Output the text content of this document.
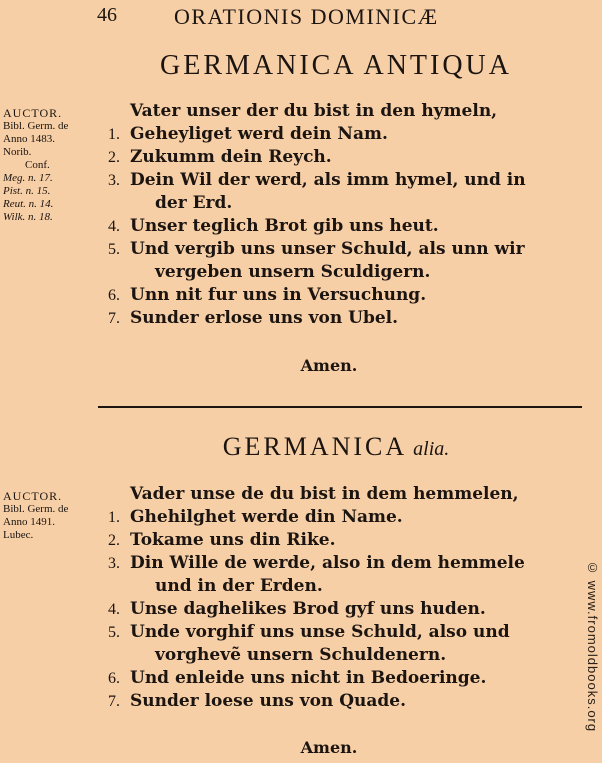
46	ORATIONIS DOMINICÆ
GERMANICA ANTIQUA
AUCTOR.
Bibl. Germ. de
Anno 1483.
Norib.
Conf.
Meg. n. 17.
Pist. n. 15.
Reut. n. 14.
Wilk. n. 18.
Vater unser der du bist in den hymeln,
1. Geheyliget werd dein Nam.
2. Zukumm dein Reych.
3. Dein Wil der werd, als imm hymel, und in
der Erd.
4. Unser teglich Brot gib uns heut.
5. Und vergib uns unser Schuld, als unn wir
vergeben unsern Sculdigern.
6. Unn nit fur uns in Versuchung.
7. Sunder erlose uns von Ubel.
Amen.
GERMANICA alia.
AUCTOR.
Bibl. Germ. de
Anno 1491.
Lubec.
Vader unse de du bist in dem hemmelen,
1. Ghehilghet werde din Name.
2. Tokame uns din Rike.
3. Din Wille de werde, also in dem hemmele
und in der Erden.
4. Unse daghelikes Brod gyf uns huden.
5. Unde vorghif uns unse Schuld, also und
vorghevẽ unsern Schuldenern.
6. Und enleide uns nicht in Bedoeringe.
7. Sunder loese uns von Quade.
Amen.
© www.fromoldbooks.org
